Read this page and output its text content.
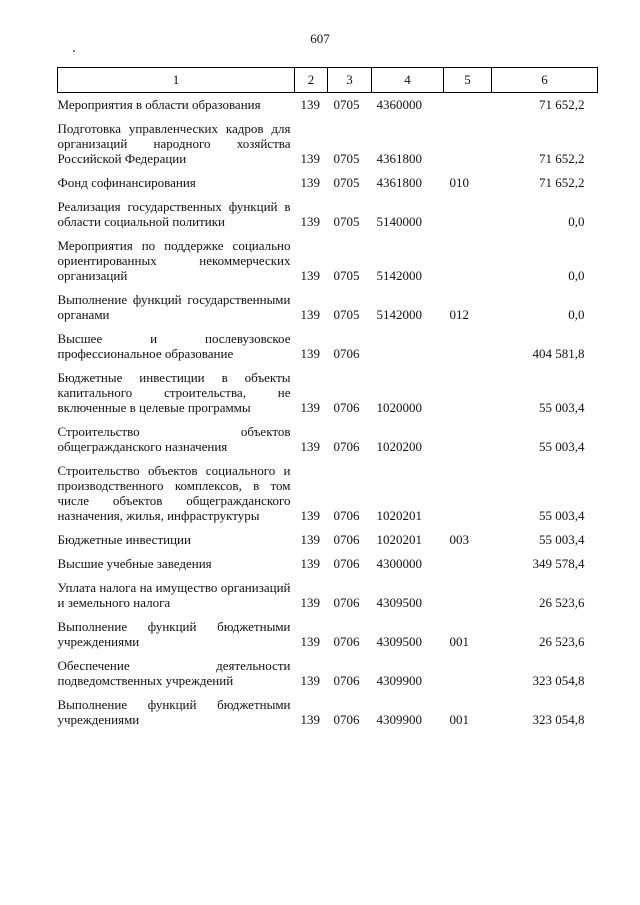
607
1	2	3	4	5	6
Мероприятия в области образования	139	0705	4360000		71 652,2
Подготовка управленческих кадров для организаций народного хозяйства Российской Федерации	139	0705	4361800		71 652,2
Фонд софинансирования	139	0705	4361800	010	71 652,2
Реализация государственных функций в области социальной политики	139	0705	5140000		0,0
Мероприятия по поддержке социально ориентированных некоммерческих организаций	139	0705	5142000		0,0
Выполнение функций государственными органами	139	0705	5142000	012	0,0
Высшее и послевузовское профессиональное образование	139	0706			404 581,8
Бюджетные инвестиции в объекты капитального строительства, не включенные в целевые программы	139	0706	1020000		55 003,4
Строительство объектов общегражданского назначения	139	0706	1020200		55 003,4
Строительство объектов социального и производственного комплексов, в том числе объектов общегражданского назначения, жилья, инфраструктуры	139	0706	1020201		55 003,4
Бюджетные инвестиции	139	0706	1020201	003	55 003,4
Высшие учебные заведения	139	0706	4300000		349 578,4
Уплата налога на имущество организаций и земельного налога	139	0706	4309500		26 523,6
Выполнение функций бюджетными учреждениями	139	0706	4309500	001	26 523,6
Обеспечение деятельности подведомственных учреждений	139	0706	4309900		323 054,8
Выполнение функций бюджетными учреждениями	139	0706	4309900	001	323 054,8
